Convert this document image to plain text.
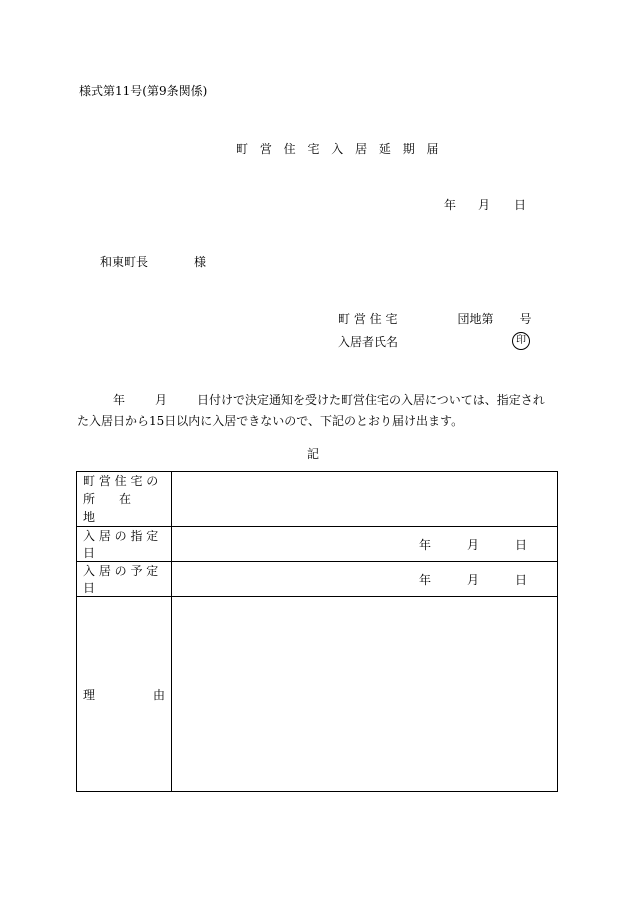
様式第11号(第9条関係)
町 営 住 宅 入 居 延 期 届
年 月 日
和東町長	様
町 営 住 宅	団地第 号
入居者氏名	印
年	月	日付けで決定通知を受けた町営住宅の入居については、指定された入居日から15日以内に入居できないので、下記のとおり届け出ます。
記
町 営 住 宅 の
所　　在　　地	

入 居 の 指 定 日	年 月 日

入 居 の 予 定 日	年 月 日

理 由	
